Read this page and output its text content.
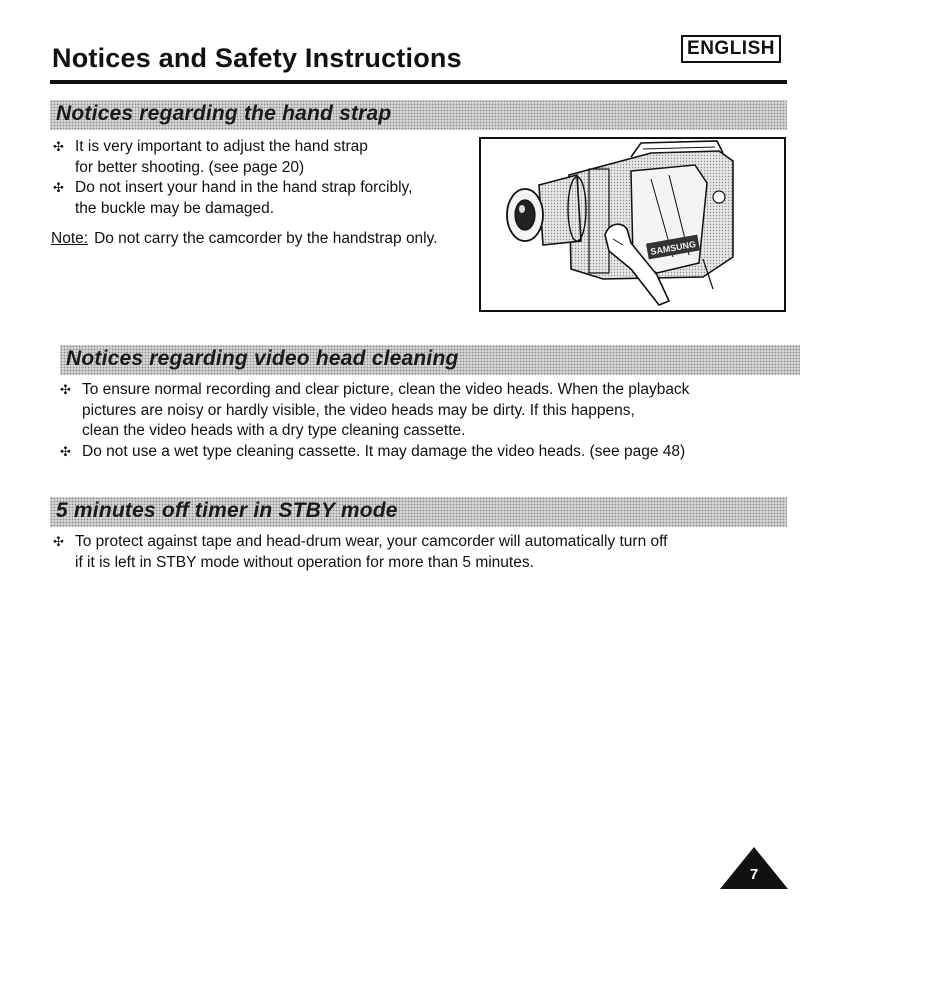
ENGLISH
Notices and Safety Instructions
Notices regarding the hand strap
✣ It is very important to adjust the hand strap
for better shooting. (see page 20)
✣ Do not insert your hand in the hand strap forcibly,
the buckle may be damaged.
Note: Do not carry the camcorder by the handstrap only.
SAMSUNG
Notices regarding video head cleaning
✣ To ensure normal recording and clear picture, clean the video heads. When the playback
pictures are noisy or hardly visible, the video heads may be dirty. If this happens,
clean the video heads with a dry type cleaning cassette.
✣ Do not use a wet type cleaning cassette. It may damage the video heads. (see page 48)
5 minutes off timer in STBY mode
✣ To protect against tape and head-drum wear, your camcorder will automatically turn off
if it is left in STBY mode without operation for more than 5 minutes.
7
